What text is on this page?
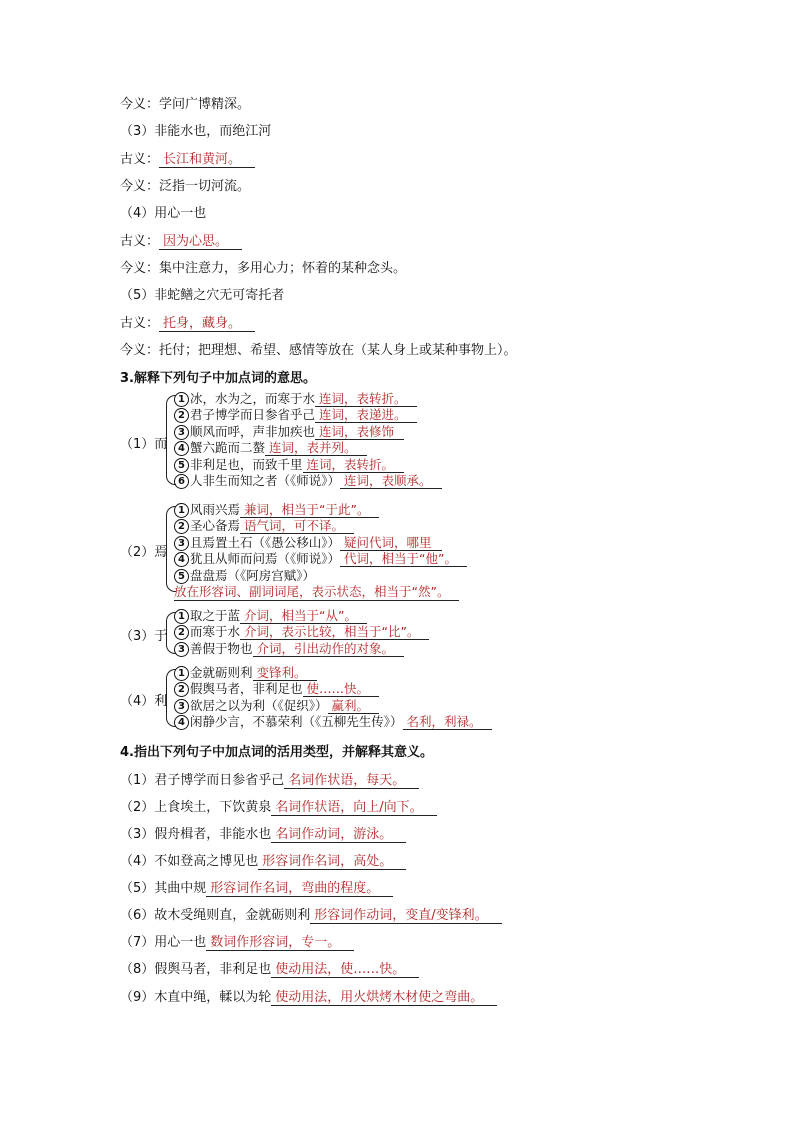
今义：学问广博精深。
（3）非能水也，而绝江河
古义： 长江和黄河。
今义：泛指一切河流。
（4）用心一也
古义： 因为心思。
今义：集中注意力，多用心力；怀着的某种念头。
（5）非蛇鳝之穴无可寄托者
古义： 托身，藏身。
今义：托付；把理想、希望、感情等放在（某人身上或某种事物上）。
3.解释下列句子中加点词的意思。
（1）而
1 冰，水为之，而寒于水 连词，表转折。
2 君子博学而日参省乎己 连词，表递进。
3 顺风而呼，声非加疾也 连词，表修饰
4 蟹六跪而二螯 连词，表并列。
5 非利足也，而致千里 连词，表转折。
6 人非生而知之者（《师说》） 连词，表顺承。
（2）焉
1 风雨兴焉 兼词，相当于“于此”。
2 圣心备焉 语气词，可不译。
3 且焉置土石（《愚公移山》） 疑问代词，哪里
4 犹且从师而问焉（《师说》） 代词，相当于“他”。
5 盘盘焉（《阿房宫赋》）
放在形容词、副词词尾，表示状态，相当于“然”。
（3）于
1 取之于蓝 介词，相当于“从”。
2 而寒于水 介词，表示比较，相当于“比”。
3 善假于物也 介词，引出动作的对象。
（4）利
1 金就砺则利 变锋利。
2 假舆马者，非利足也 使……快。
3 欲居之以为利（《促织》） 赢利。
4 闲静少言，不慕荣利（《五柳先生传》） 名利，利禄。
4.指出下列句子中加点词的活用类型，并解释其意义。
（1）君子博学而日参省乎己 名词作状语，每天。
（2）上食埃土，下饮黄泉 名词作状语，向上/向下。
（3）假舟楫者，非能水也 名词作动词，游泳。
（4）不如登高之博见也 形容词作名词，高处。
（5）其曲中规 形容词作名词，弯曲的程度。
（6）故木受绳则直，金就砺则利 形容词作动词，变直/变锋利。
（7）用心一也 数词作形容词，专一。
（8）假舆马者，非利足也 使动用法，使……快。
（9）木直中绳，輮以为轮 使动用法，用火烘烤木材使之弯曲。
